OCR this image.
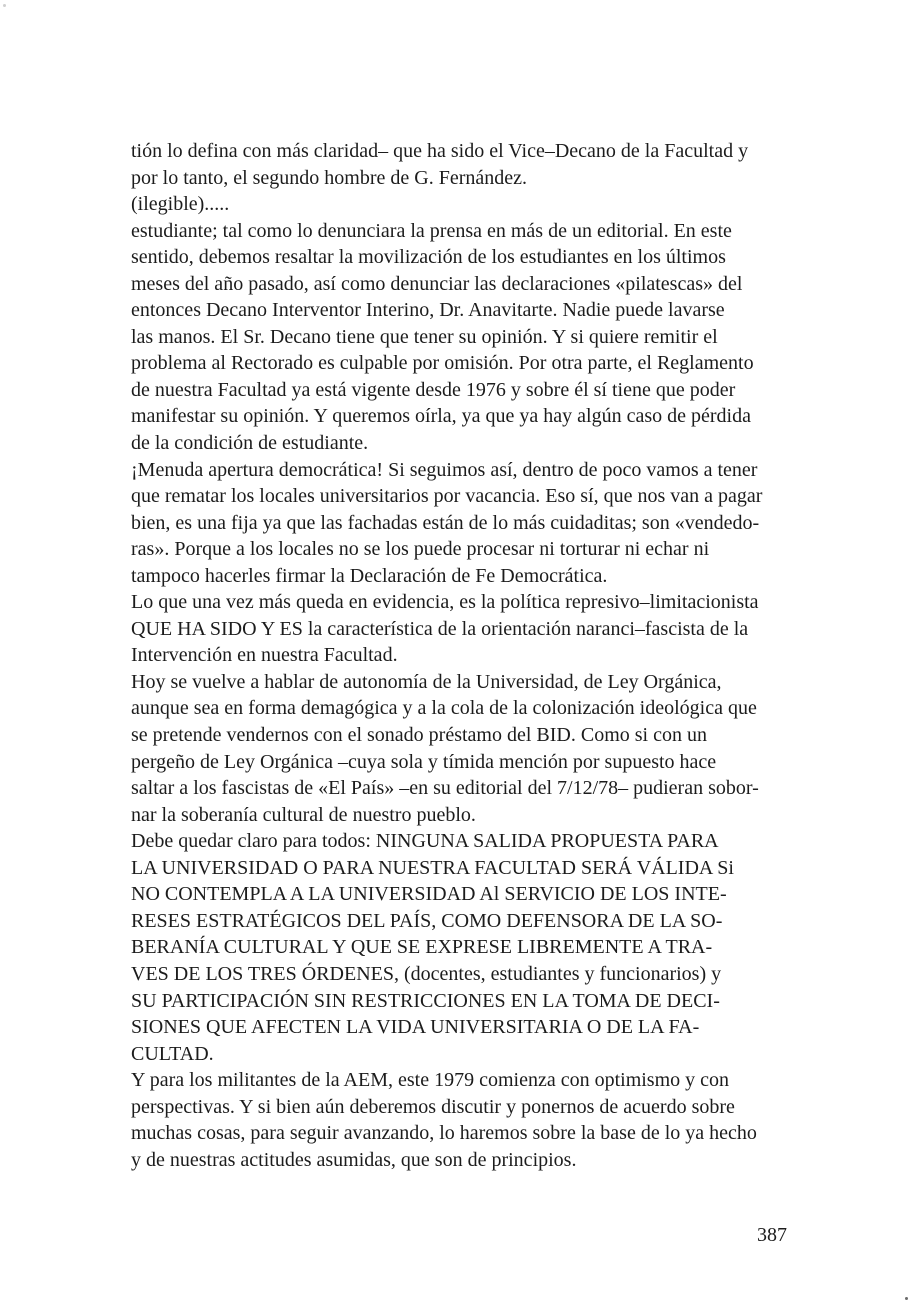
tión lo defina con más claridad– que ha sido el Vice–Decano de la Facultad y
por lo tanto, el segundo hombre de G. Fernández.
(ilegible).....
estudiante; tal como lo denunciara la prensa en más de un editorial. En este
sentido, debemos resaltar la movilización de los estudiantes en los últimos
meses del año pasado, así como denunciar las declaraciones «pilatescas» del
entonces Decano Interventor Interino, Dr. Anavitarte. Nadie puede lavarse
las manos. El Sr. Decano tiene que tener su opinión. Y si quiere remitir el
problema al Rectorado es culpable por omisión. Por otra parte, el Reglamento
de nuestra Facultad ya está vigente desde 1976 y sobre él sí tiene que poder
manifestar su opinión. Y queremos oírla, ya que ya hay algún caso de pérdida
de la condición de estudiante.
¡Menuda apertura democrática! Si seguimos así, dentro de poco vamos a tener
que rematar los locales universitarios por vacancia. Eso sí, que nos van a pagar
bien, es una fija ya que las fachadas están de lo más cuidaditas; son «vendedo-
ras». Porque a los locales no se los puede procesar ni torturar ni echar ni
tampoco hacerles firmar la Declaración de Fe Democrática.
Lo que una vez más queda en evidencia, es la política represivo–limitacionista
QUE HA SIDO Y ES la característica de la orientación naranci–fascista de la
Intervención en nuestra Facultad.
Hoy se vuelve a hablar de autonomía de la Universidad, de Ley Orgánica,
aunque sea en forma demagógica y a la cola de la colonización ideológica que
se pretende vendernos con el sonado préstamo del BID. Como si con un
pergeño de Ley Orgánica –cuya sola y tímida mención por supuesto hace
saltar a los fascistas de «El País» –en su editorial del 7/12/78– pudieran sobor-
nar la soberanía cultural de nuestro pueblo.
Debe quedar claro para todos: NINGUNA SALIDA PROPUESTA PARA
LA UNIVERSIDAD O PARA NUESTRA FACULTAD SERÁ VÁLIDA Si
NO CONTEMPLA A LA UNIVERSIDAD Al SERVICIO DE LOS INTE-
RESES ESTRATÉGICOS DEL PAÍS, COMO DEFENSORA DE LA SO-
BERANÍA CULTURAL Y QUE SE EXPRESE LIBREMENTE A TRA-
VES DE LOS TRES ÓRDENES, (docentes, estudiantes y funcionarios) y
SU PARTICIPACIÓN SIN RESTRICCIONES EN LA TOMA DE DECI-
SIONES QUE AFECTEN LA VIDA UNIVERSITARIA O DE LA FA-
CULTAD.
Y para los militantes de la AEM, este 1979 comienza con optimismo y con
perspectivas. Y si bien aún deberemos discutir y ponernos de acuerdo sobre
muchas cosas, para seguir avanzando, lo haremos sobre la base de lo ya hecho
y de nuestras actitudes asumidas, que son de principios.
387
